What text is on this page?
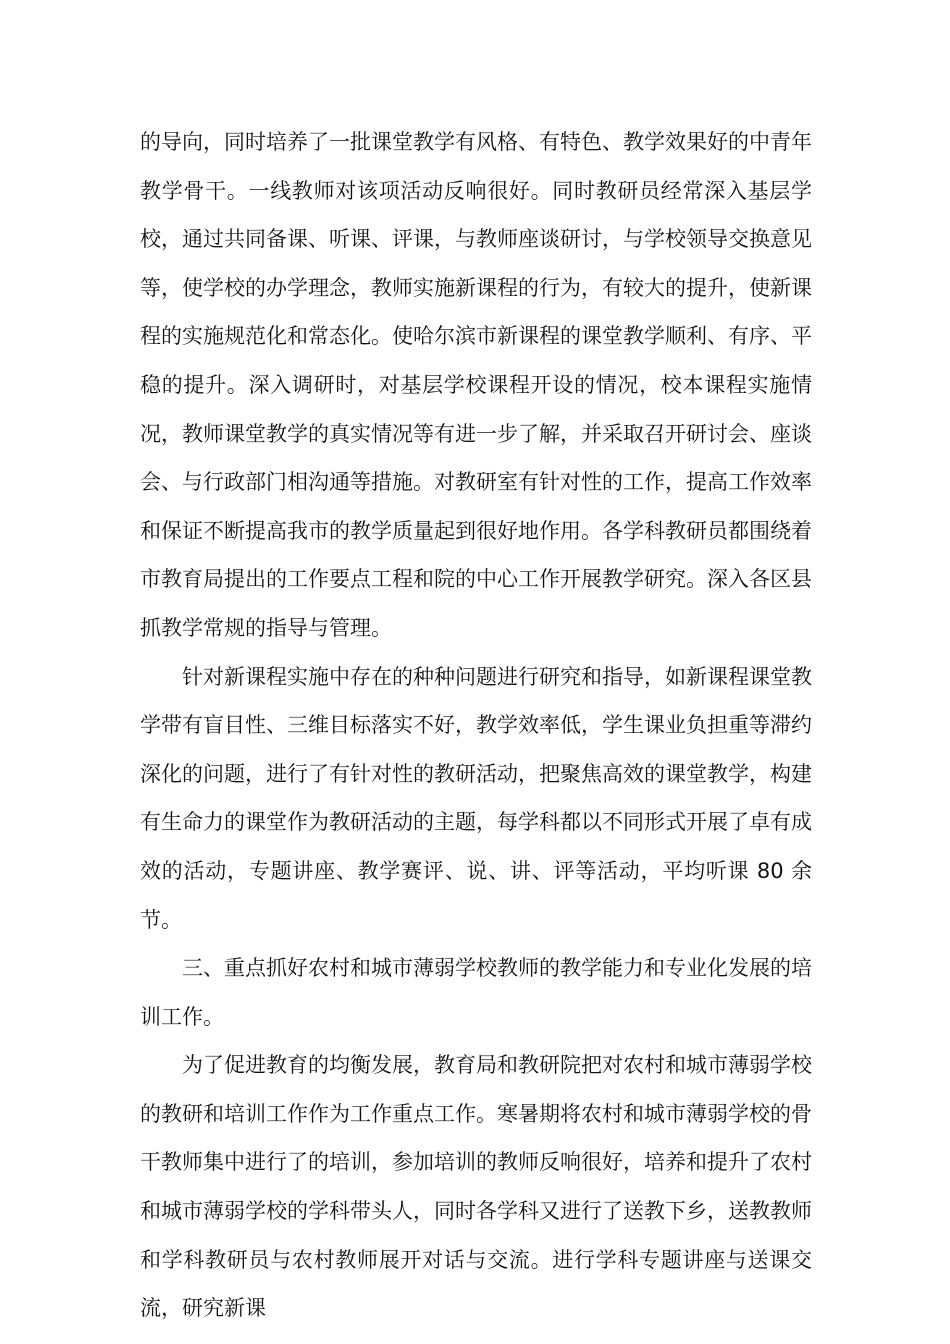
的导向，同时培养了一批课堂教学有风格、有特色、教学效果好的中青年教学骨干。一线教师对该项活动反响很好。同时教研员经常深入基层学校，通过共同备课、听课、评课，与教师座谈研讨，与学校领导交换意见等，使学校的办学理念，教师实施新课程的行为，有较大的提升，使新课程的实施规范化和常态化。使哈尔滨市新课程的课堂教学顺利、有序、平稳的提升。深入调研时，对基层学校课程开设的情况，校本课程实施情况，教师课堂教学的真实情况等有进一步了解，并采取召开研讨会、座谈会、与行政部门相沟通等措施。对教研室有针对性的工作，提高工作效率和保证不断提高我市的教学质量起到很好地作用。各学科教研员都围绕着市教育局提出的工作要点工程和院的中心工作开展教学研究。深入各区县抓教学常规的指导与管理。

针对新课程实施中存在的种种问题进行研究和指导，如新课程课堂教学带有盲目性、三维目标落实不好，教学效率低，学生课业负担重等滞约深化的问题，进行了有针对性的教研活动，把聚焦高效的课堂教学，构建有生命力的课堂作为教研活动的主题，每学科都以不同形式开展了卓有成效的活动，专题讲座、教学赛评、说、讲、评等活动，平均听课 80 余节。

三、重点抓好农村和城市薄弱学校教师的教学能力和专业化发展的培训工作。

为了促进教育的均衡发展，教育局和教研院把对农村和城市薄弱学校的教研和培训工作作为工作重点工作。寒暑期将农村和城市薄弱学校的骨干教师集中进行了的培训，参加培训的教师反响很好，培养和提升了农村和城市薄弱学校的学科带头人，同时各学科又进行了送教下乡，送教教师和学科教研员与农村教师展开对话与交流。进行学科专题讲座与送课交流，研究新课
